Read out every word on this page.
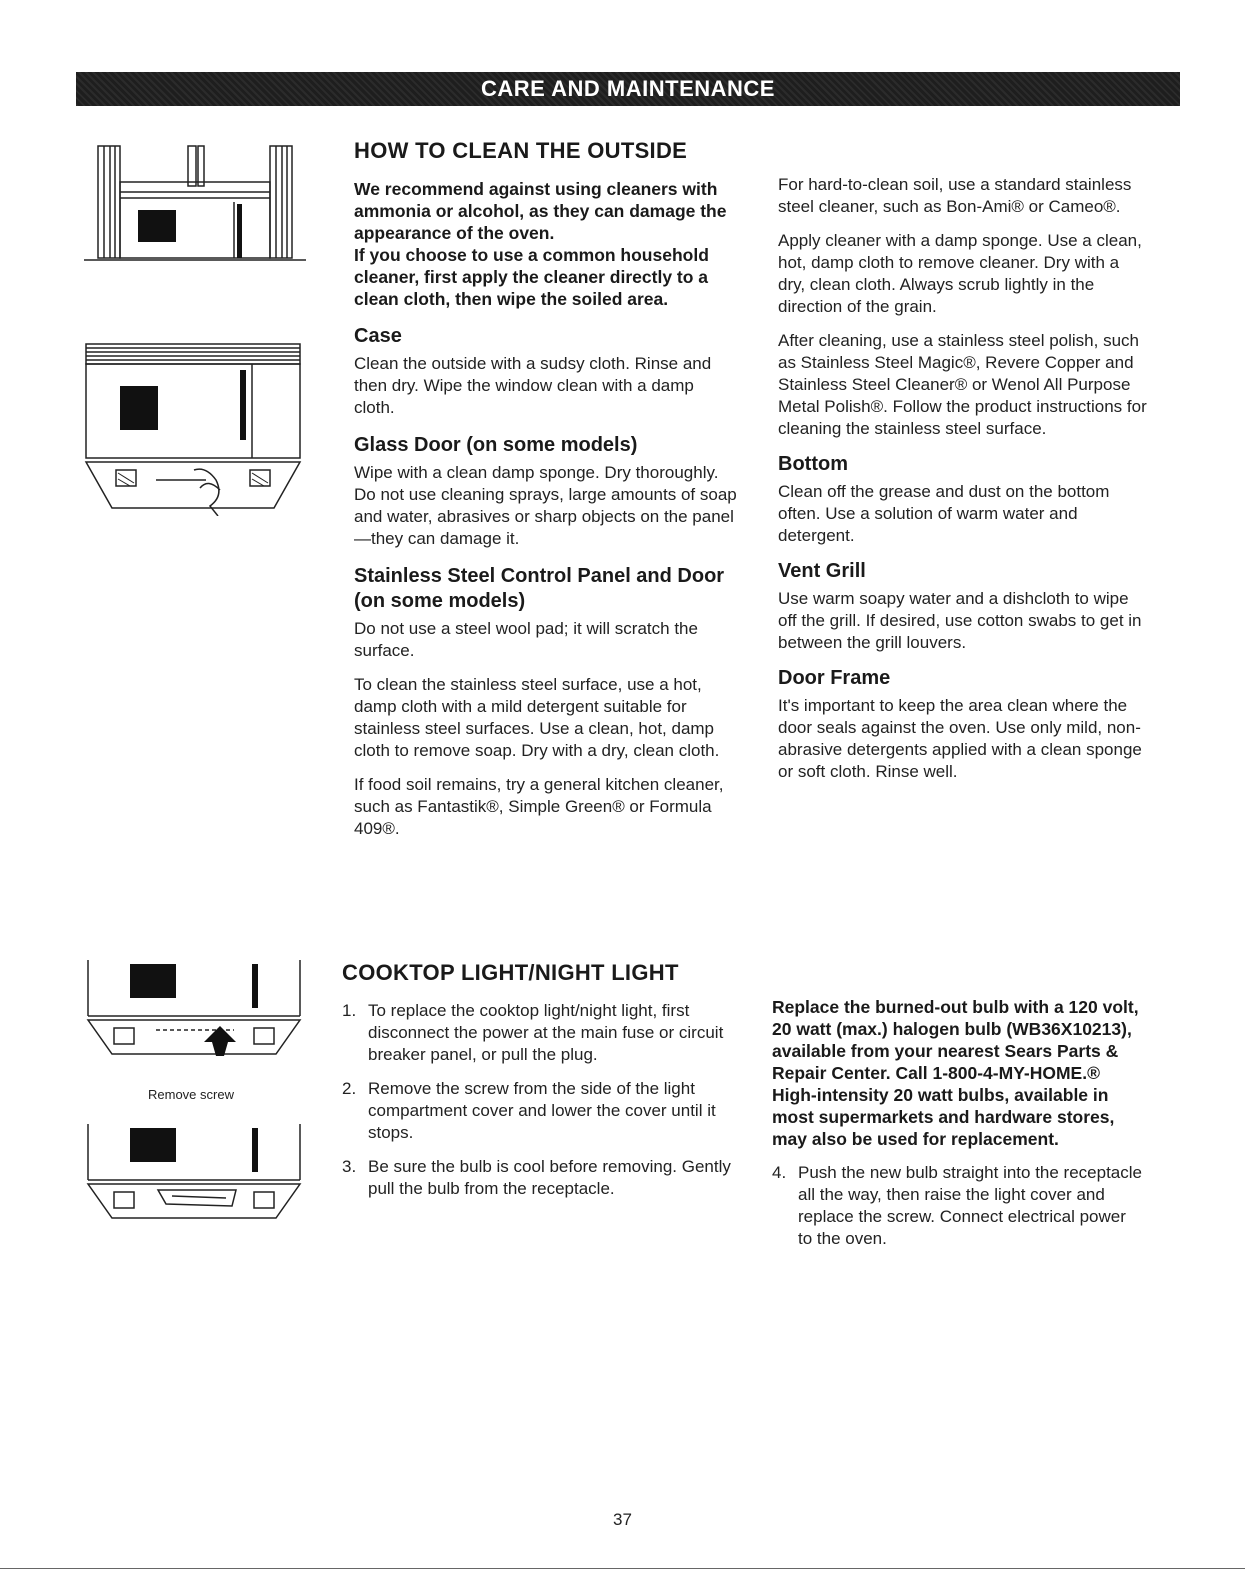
CARE AND MAINTENANCE
Remove screw
HOW TO CLEAN THE OUTSIDE
We recommend against using cleaners with ammonia or alcohol, as they can damage the appearance of the oven.
If you choose to use a common household cleaner, first apply the cleaner directly to a clean cloth, then wipe the soiled area.
Case
Clean the outside with a sudsy cloth. Rinse and then dry. Wipe the window clean with a damp cloth.
Glass Door (on some models)
Wipe with a clean damp sponge. Dry thoroughly. Do not use cleaning sprays, large amounts of soap and water, abrasives or sharp objects on the panel—they can damage it.
Stainless Steel Control Panel and Door (on some models)
Do not use a steel wool pad; it will scratch the surface.
To clean the stainless steel surface, use a hot, damp cloth with a mild detergent suitable for stainless steel surfaces. Use a clean, hot, damp cloth to remove soap. Dry with a dry, clean cloth.
If food soil remains, try a general kitchen cleaner, such as Fantastik®, Simple Green® or Formula 409®.
For hard-to-clean soil, use a standard stainless steel cleaner, such as Bon-Ami® or Cameo®.
Apply cleaner with a damp sponge. Use a clean, hot, damp cloth to remove cleaner. Dry with a dry, clean cloth. Always scrub lightly in the direction of the grain.
After cleaning, use a stainless steel polish, such as Stainless Steel Magic®, Revere Copper and Stainless Steel Cleaner® or Wenol All Purpose Metal Polish®. Follow the product instructions for cleaning the stainless steel surface.
Bottom
Clean off the grease and dust on the bottom often. Use a solution of warm water and detergent.
Vent Grill
Use warm soapy water and a dishcloth to wipe off the grill. If desired, use cotton swabs to get in between the grill louvers.
Door Frame
It's important to keep the area clean where the door seals against the oven. Use only mild, non-abrasive detergents applied with a clean sponge or soft cloth. Rinse well.
COOKTOP LIGHT/NIGHT LIGHT
1. To replace the cooktop light/night light, first disconnect the power at the main fuse or circuit breaker panel, or pull the plug.
2. Remove the screw from the side of the light compartment cover and lower the cover until it stops.
3. Be sure the bulb is cool before removing. Gently pull the bulb from the receptacle.
Replace the burned-out bulb with a 120 volt, 20 watt (max.) halogen bulb (WB36X10213), available from your nearest Sears Parts & Repair Center. Call 1-800-4-MY-HOME.® High-intensity 20 watt bulbs, available in most supermarkets and hardware stores, may also be used for replacement.
4. Push the new bulb straight into the receptacle all the way, then raise the light cover and replace the screw. Connect electrical power to the oven.
37
